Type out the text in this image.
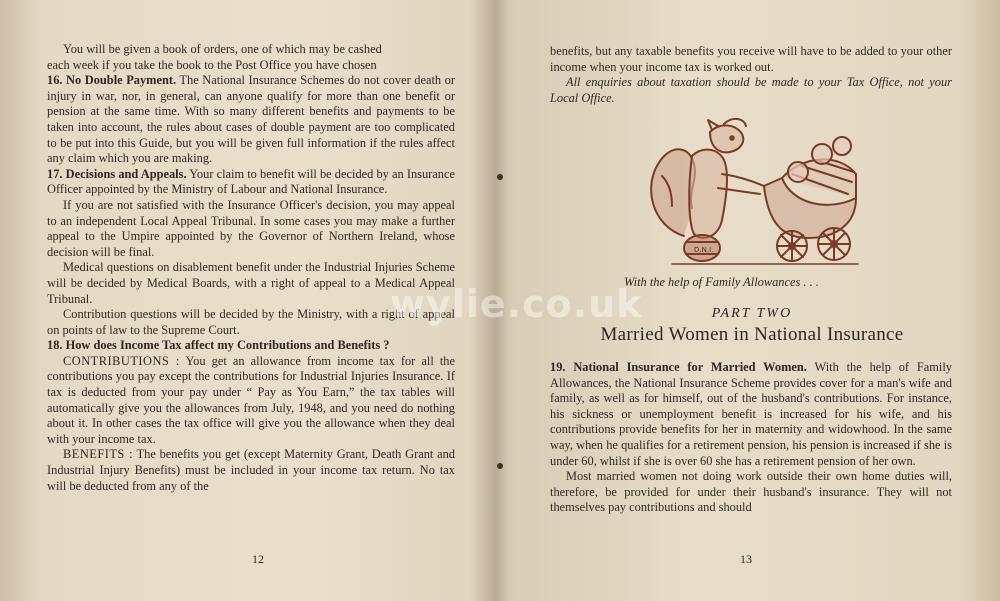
You will be given a book of orders, one of which may be cashed

each week if you take the book to the Post Office you have chosen

16. No Double Payment. The National Insurance Schemes do not cover death or injury in war, nor, in general, can anyone qualify for more than one benefit or pension at the same time. With so many different benefits and payments to be taken into account, the rules about cases of double payment are too complicated to be put into this Guide, but you will be given full information if the rules affect any claim which you are making.

17. Decisions and Appeals. Your claim to benefit will be decided by an Insurance Officer appointed by the Ministry of Labour and National Insurance.

If you are not satisfied with the Insurance Officer's decision, you may appeal to an independent Local Appeal Tribunal. In some cases you may make a further appeal to the Umpire appointed by the Governor of Northern Ireland, whose decision will be final.

Medical questions on disablement benefit under the Industrial Injuries Scheme will be decided by Medical Boards, with a right of appeal to a Medical Appeal Tribunal.

Contribution questions will be decided by the Ministry, with a right of appeal on points of law to the Supreme Court.

18. How does Income Tax affect my Contributions and Benefits ?

CONTRIBUTIONS : You get an allowance from income tax for all the contributions you pay except the contributions for Industrial Injuries Insurance. If tax is deducted from your pay under “ Pay as You Earn,” the tax tables will automatically give you the allowances from July, 1948, and you need do nothing about it. In other cases the tax office will give you the allowance when they deal with your income tax.

BENEFITS : The benefits you get (except Maternity Grant, Death Grant and Industrial Injury Benefits) must be included in your income tax return. No tax will be deducted from any of the

12

benefits, but any taxable benefits you receive will have to be added to your other income when your income tax is worked out.

All enquiries about taxation should be made to your Tax Office, not your Local Office.

D.N.I.
With the help of Family Allowances . . .
PART TWO
Married Women in National Insurance

19. National Insurance for Married Women. With the help of Family Allowances, the National Insurance Scheme provides cover for a man's wife and family, as well as for himself, out of the husband's contributions. For instance, his sickness or unemployment benefit is increased for his wife, and his contributions provide benefits for her in maternity and widowhood. In the same way, when he qualifies for a retirement pension, his pension is increased if she is under 60, whilst if she is over 60 she has a retirement pension of her own.

Most married women not doing work outside their own home duties will, therefore, be provided for under their husband's insurance. They will not themselves pay contributions and should

13
wylie.co.uk
